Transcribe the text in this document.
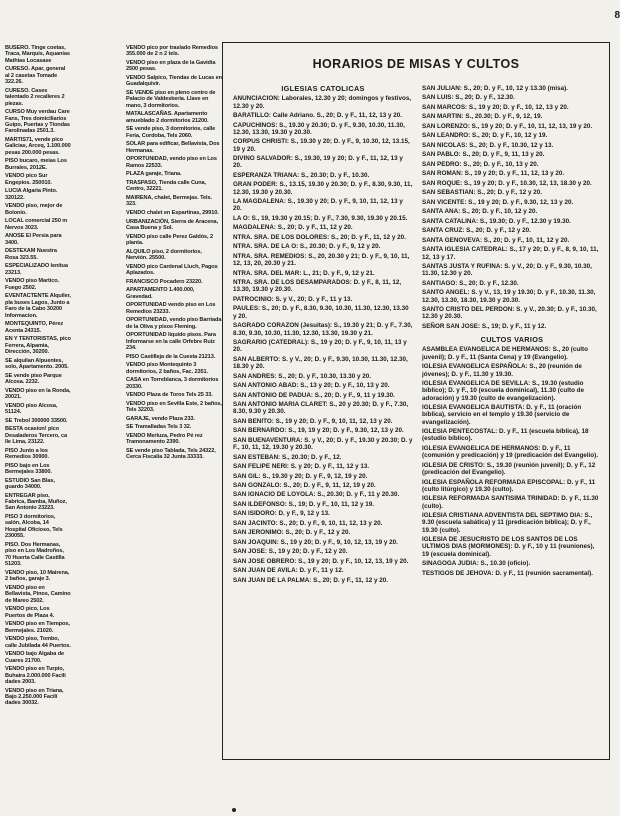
8

BUSERO. Tinge coetas, Traca, Marquis, Aquanias Mathias Locasase

CURESO. Apar, general al 2 casetas Tomade 322.26.

CURESO. Cases talentado 2 recalleres 2 piezas.

CURSO Muy verdau Care Fans, Tres domiciliarios Guipo, Puertas y Tiondas Farolinadas 2501.3.

MARTIS71, vende pico Galicias, Arceq, 1.100.000 pesas 200.000 pesas.

PISO bucaro, meias Los Burrales, 2012E.

VENDO pico Sur Engepios. 250010.

LUCIA Algaria Pinto. 320122.

VENDO piso, mejor de Bolonio.

LOCAL comercial 250 m Nervos 3023.

ANOSE El Persia para 3400.

DESTEXAM Nuestra Rosa 323.55.

ESPECIALIZADO lenitua 23213.

VENDO piso Martico. Fuego 2502.

EVENTACTENTE Alquiler, pla buses Lagos, Junto a Faro de la Cabo 30200 Informacion.

MONTEQUINTO, Pérez Acenta 24315.

EN Y TENTORISTAS, pico Ferrera, Alpamia, Dirección, 30200.

SE alquilan Alpuentes, solo, Apartamento. 2005.

SE vende piso Parque Alcosa. 2232.

VENDO piso en la Ronda, 20021.

VENDO piso Alcosa, 51124.

SE Trebol 300000 33500.

BESTA ocasion! pico Desaladeros Tercero, ca lle Lima, 23122.

PISO Junto a los Remedios 30900.

PISO bajo en Los Bermejales 33800.

ESTUDIO San Blas, guardo 34000.

ENTREGAR piso, Fabrica, Bamba, Muñoz, San Antonio 23223.

PISO 3 dormitorios, salón, Alcoba, 14 Hospital Oficioso, Tels 230055.

PISO. Dos Hermanas, piso en Los Madroños, 70 Huerta Calle Castilla 51203.

VENDO piso, 10 Mairena, 2 baños, garaje 3.

VENDO piso en Bellavista, Pinos, Camino de Mareo 2502.

VENDO pico, Los Puertos de Plaza 4.

VENDO piso en Tiempos, Bermejales. 21020.

VENDO piso, Tombo, calle Jubilada 44 Puertos.

VENDO bajo Algaba de Cuares 21700.

VENDO piso en Turpio, Buhaira 2.000.000 Facili dades 2003.

VENDO piso en Triana, Bajo 2.250.000 Facili dades 30032.

VENDO pico por traslado Remedios 355.000 de 2 n 2 tels.

VENDO piso en plaza de la Gavidia 2500 pesas.

VENDO Salpico, Tiendas de Lucas en Guadalquivir.

SE VENDE piso en pleno centro de Palacio de Valdeskeria. Llave en mano, 3 dormitorios.

MATALASCAÑAS. Apartamento amueblado 2 dormitorios 21200.

SE vende piso, 3 dormitorios, calle Feria, Cordoba, Tels 2060.

SOLAR para edificar, Bellavista, Dos Hermanas.

OPORTUNIDAD, vendo piso en Los Ramos 22533.

PLAZA garaje, Triana.

TRASPASO, Tienda calle Cuna, Centro, 32221.

MAIRENA, chalet, Bermejas. Tels. 323.

VENDO chalet en Espartinas, 29910.

URBANIZACIÓN, Sierra de Aracena, Casa Buena y Sol.

VENDO piso calle Perez Galdós, 2 planta.

ALQUILO piso, 2 dormitorios, Nervión. 25500.

VENDO pico Cardenal Lluch, Pagos Aplazados.

FRANCISCO Pocadero 23220.

APARTAMENTO 1.400.000, Gravedad.

OPORTUNIDAD vendo piso en Los Remedios 23233.

OPORTUNIDAD, vendo piso Barriada de la Oliva y pisos Fleming.

OPORTUNIDAD liquido pisos. Para Informarse en la calle Orfebre Ruiz 234.

PISO Castilleja de la Cuesta 21213.

VENDO piso Montequinto 3 dormitorios, 2 baños, Fac. 2351.

CASA en Torreblanca, 3 dormitorios 20330.

VENDO Plaza de Toros Tels 25 33.

VENDO piso en Sevilla Este, 2 baños, Tels 32203.

GARAJE, vendo Plaza 233.

SE Tramalladas Tels 3 32.

VENDO Merluza, Pedro Pé rez Tramonamento 2390.

SE vende piso Tablada, Tels 24322, Cerca Fiscalía 32 Junta 33333.

HORARIOS DE MISAS Y CULTOS
IGLESIAS CATOLICAS

ANUNCIACION: Laborales, 12.30 y 20; domingos y festivos, 12.30 y 20.

BARATILLO: Calle Adriano. S., 20; D. y F., 11, 12, 13 y 20.

CAPUCHINOS: S., 19.30 y 20.30; D. y F., 9.30, 10.30, 11.30, 12.30, 13.30, 19.30 y 20.30.

CORPUS CHRISTI: S., 19.30 y 20; D. y F., 9, 10.30, 12, 13.15, 19 y 20.

DIVINO SALVADOR: S., 19.30, 19 y 20; D. y F., 11, 12, 13 y 20.

ESPERANZA TRIANA: S., 20.30; D. y F., 10.30.

GRAN PODER: S., 13.15, 19.30 y 20.30; D. y F., 8.30, 9.30, 11, 12.30, 19.30 y 20.30.

LA MAGDALENA: S., 19.30 y 20; D. y F., 9, 10, 11, 12, 13 y 20.

LA O: S., 19, 19.30 y 20.15; D. y F., 7.30, 9.30, 19.30 y 20.15.

MAGDALENA: S., 20; D. y F., 11, 12 y 20.

NTRA. SRA. DE LOS DOLORES: S., 20; D. y F., 11, 12 y 20.

NTRA. SRA. DE LA O: S., 20.30; D. y F., 9, 12 y 20.

NTRA. SRA. REMEDIOS: S., 20, 20.30 y 21; D. y F., 9, 10, 11, 12, 13, 20, 20.30 y 21.

NTRA. SRA. DEL MAR: L., 21; D. y F., 9, 12 y 21.

NTRA. SRA. DE LOS DESAMPARADOS: D. y F., 8, 11, 12, 13.30, 19.30 y 20.30.

PATROCINIO: S. y V., 20; D. y F., 11 y 13.

PAULES: S., 20; D. y F., 8.30, 9.30, 10.30, 11.30, 12.30, 13.30 y 20.

SAGRADO CORAZON (Jesuitas): S., 19.30 y 21; D. y F., 7.30, 8.30, 9.30, 10.30, 11.30, 12.30, 13.30, 19.30 y 21.

SAGRARIO (CATEDRAL): S., 19 y 20; D. y F., 9, 10, 11, 13 y 20.

SAN ALBERTO: S. y V., 20; D. y F., 9.30, 10.30, 11.30, 12.30, 18.30 y 20.

SAN ANDRES: S., 20; D. y F., 10.30, 13.30 y 20.

SAN ANTONIO ABAD: S., 13 y 20; D. y F., 10, 13 y 20.

SAN ANTONIO DE PADUA: S., 20; D. y F., 9, 11 y 19.30.

SAN ANTONIO MARIA CLARET: S., 20 y 20.30; D. y F., 7.30, 8.30, 9.30 y 20.30.

SAN BENITO: S., 19 y 20; D. y F., 9, 10, 11, 12, 13 y 20.

SAN BERNARDO: S., 19, 19 y 20; D. y F., 9.30, 12, 13 y 20.

SAN BUENAVENTURA: S. y V., 20; D. y F., 19.30 y 20.30; D. y F., 10, 11, 12, 19.30 y 20.30.

SAN ESTEBAN: S., 20.30; D. y F., 12.

SAN FELIPE NERI: S. y 20; D. y F., 11, 12 y 13.

SAN GIL: S., 19.30 y 20; D. y F., 9, 12, 19 y 20.

SAN GONZALO: S., 20; D. y F., 9, 11, 12, 19 y 20.

SAN IGNACIO DE LOYOLA: S., 20.30; D. y F., 11 y 20.30.

SAN ILDEFONSO: S., 19; D. y F., 10, 11, 12 y 19.

SAN ISIDORO: D. y F., 9, 12 y 13.

SAN JACINTO: S., 20; D. y F., 9, 10, 11, 12, 13 y 20.

SAN JERONIMO: S., 20; D. y F., 12 y 20.

SAN JOAQUIN: S., 19 y 20; D. y F., 9, 10, 12, 13, 19 y 20.

SAN JOSE: S., 19 y 20; D. y F., 12 y 20.

SAN JOSE OBRERO: S., 19 y 20; D. y F., 10, 12, 13, 19 y 20.

SAN JUAN DE AVILA: D. y F., 11 y 12.

SAN JUAN DE LA PALMA: S., 20; D. y F., 11, 12 y 20.

SAN JULIAN: S., 20; D. y F., 10, 12 y 13.30 (misa).

SAN LUIS: S., 20; D. y F., 12.30.

SAN MARCOS: S., 19 y 20; D. y F., 10, 12, 13 y 20.

SAN MARTIN: S., 20.30; D. y F., 9, 12, 19.

SAN LORENZO: S., 19 y 20; D. y F., 10, 11, 12, 13, 19 y 20.

SAN LEANDRO: S., 20; D. y F., 10, 12 y 19.

SAN NICOLAS: S., 20; D. y F., 10.30, 12 y 13.

SAN PABLO: S., 20; D. y F., 9, 11, 13 y 20.

SAN PEDRO: S., 20; D. y F., 10, 13 y 20.

SAN ROMAN: S., 19 y 20; D. y F., 11, 12, 13 y 20.

SAN ROQUE: S., 19 y 20; D. y F., 10.30, 12, 13, 18.30 y 20.

SAN SEBASTIAN: S., 20; D. y F., 12 y 20.

SAN VICENTE: S., 19 y 20; D. y F., 9.30, 12, 13 y 20.

SANTA ANA: S., 20; D. y F., 10, 12 y 20.

SANTA CATALINA: S., 19.30; D. y F., 12.30 y 19.30.

SANTA CRUZ: S., 20; D. y F., 12 y 20.

SANTA GENOVEVA: S., 20; D. y F., 10, 11, 12 y 20.

SANTA IGLESIA CATEDRAL: S., 17 y 20; D. y F., 8, 9, 10, 11, 12, 13 y 17.

SANTAS JUSTA Y RUFINA: S. y V., 20; D. y F., 9.30, 10.30, 11.30, 12.30 y 20.

SANTIAGO: S., 20; D. y F., 12.30.

SANTO ANGEL: S. y V., 13, 19 y 19.30; D. y F., 10.30, 11.30, 12.30, 13.30, 18.30, 19.30 y 20.30.

SANTO CRISTO DEL PERDON: S. y V., 20.30; D. y F., 10.30, 12.30 y 20.30.

SEÑOR SAN JOSE: S., 19; D. y F., 11 y 12.

CULTOS VARIOS

ASAMBLEA EVANGELICA DE HERMANOS: S., 20 (culto juvenil); D. y F., 11 (Santa Cena) y 19 (Evangelio).

IGLESIA EVANGELICA ESPAÑOLA: S., 20 (reunión de jóvenes); D. y F., 11.30 y 19.30.

IGLESIA EVANGELICA DE SEVILLA: S., 19.30 (estudio bíblico); D. y F., 10 (escuela dominical), 11.30 (culto de adoración) y 19.30 (culto de evangelización).

IGLESIA EVANGELICA BAUTISTA: D. y F., 11 (oración bíblica), servicio en el templo y 19.30 (servicio de evangelización).

IGLESIA PENTECOSTAL: D. y F., 11 (escuela bíblica), 18 (estudio bíblico).

IGLESIA EVANGELICA DE HERMANOS: D. y F., 11 (comunión y predicación) y 19 (predicación del Evangelio).

IGLESIA DE CRISTO: S., 19.30 (reunión juvenil); D. y F., 12 (predicación del Evangelio).

IGLESIA ESPAÑOLA REFORMADA EPISCOPAL: D. y F., 11 (culto litúrgico) y 19.30 (culto).

IGLESIA REFORMADA SANTISIMA TRINIDAD: D. y F., 11.30 (culto).

IGLESIA CRISTIANA ADVENTISTA DEL SEPTIMO DIA: S., 9.30 (escuela sabática) y 11 (predicación bíblica); D. y F., 19.30 (culto).

IGLESIA DE JESUCRISTO DE LOS SANTOS DE LOS ULTIMOS DIAS (MORMONES): D. y F., 10 y 11 (reuniones), 19 (escuela dominical).

SINAGOGA JUDIA: S., 10.30 (oficio).

TESTIGOS DE JEHOVA: D. y F., 11 (reunión sacramental).
